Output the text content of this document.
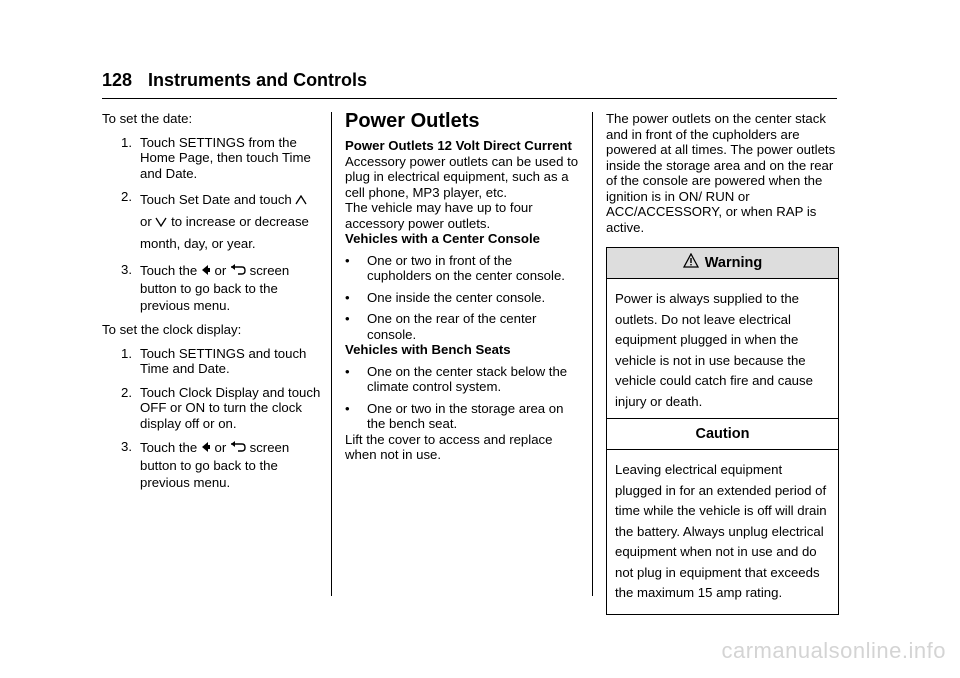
128 Instruments and Controls

To set the date:

1. Touch SETTINGS from the Home Page, then touch Time and Date.
2. Touch Set Date and touch
or to increase or decrease month, day, or year.
3. Touch the or screen button to go back to the previous menu.

To set the clock display:

1. Touch SETTINGS and touch Time and Date.
2. Touch Clock Display and touch OFF or ON to turn the clock display off or on.
3. Touch the or screen button to go back to the previous menu.
Power Outlets

Power Outlets 12 Volt Direct Current

Accessory power outlets can be used to plug in electrical equipment, such as a cell phone, MP3 player, etc.

The vehicle may have up to four accessory power outlets.

Vehicles with a Center Console

•	One or two in front of the cupholders on the center console.
•	One inside the center console.
•	One on the rear of the center console.

Vehicles with Bench Seats

•	One on the center stack below the climate control system.
•	One or two in the storage area on the bench seat.

Lift the cover to access and replace when not in use.

The power outlets on the center stack and in front of the cupholders are powered at all times. The power outlets inside the storage area and on the rear of the console are powered when the ignition is in ON/ RUN or ACC/ACCESSORY, or when RAP is active.

Warning
Power is always supplied to the outlets. Do not leave electrical equipment plugged in when the vehicle is not in use because the vehicle could catch fire and cause injury or death.
Caution
Leaving electrical equipment plugged in for an extended period of time while the vehicle is off will drain the battery. Always unplug electrical equipment when not in use and do not plug in equipment that exceeds the maximum 15 amp rating.
carmanualsonline.info
